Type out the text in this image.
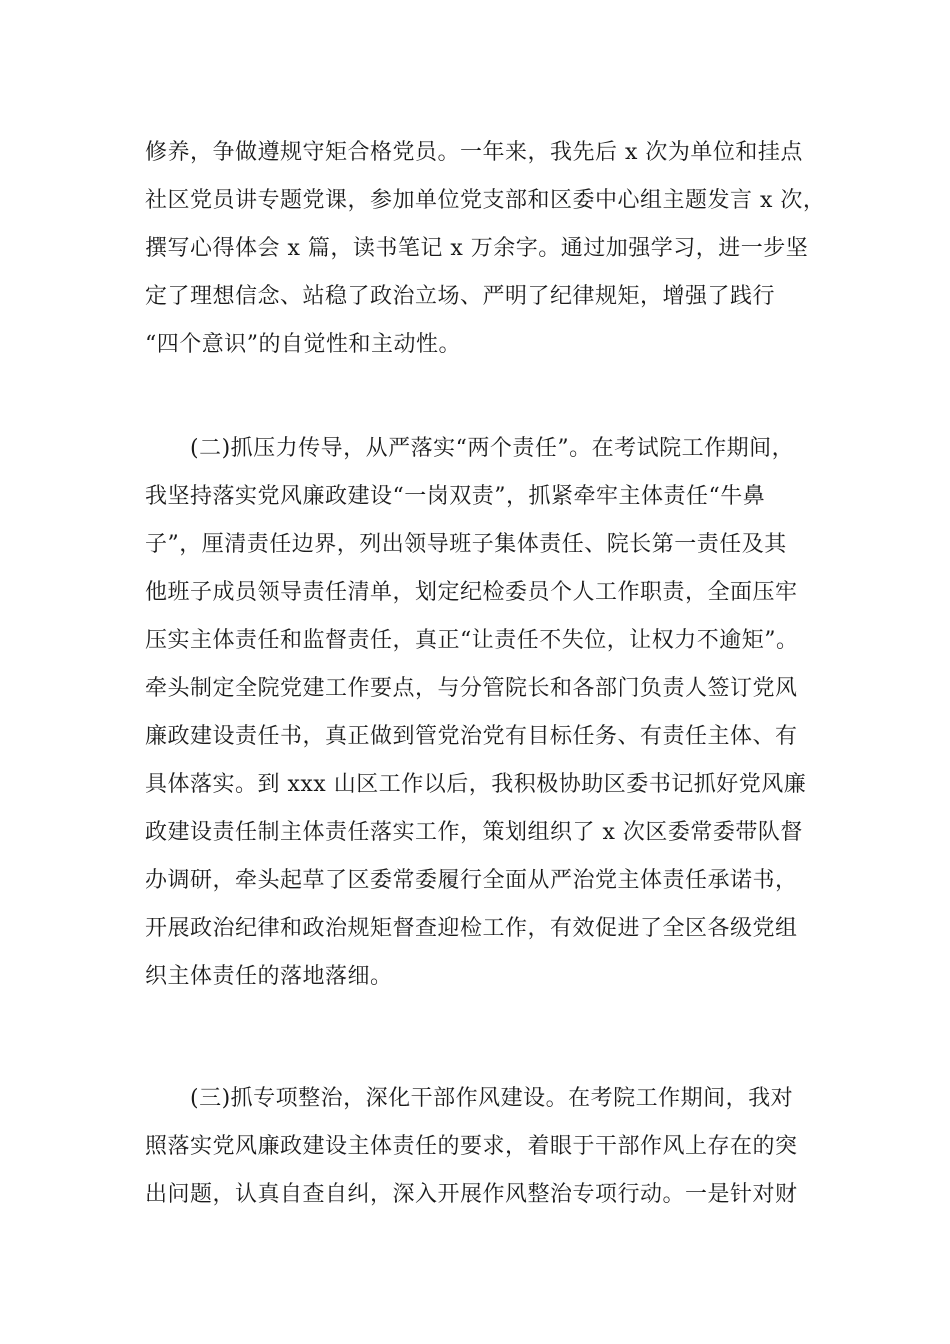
修养，争做遵规守矩合格党员。一年来，我先后 x 次为单位和挂点
社区党员讲专题党课，参加单位党支部和区委中心组主题发言 x 次，
撰写心得体会 x 篇，读书笔记 x 万余字。通过加强学习，进一步坚
定了理想信念、站稳了政治立场、严明了纪律规矩，增强了践行
“四个意识”的自觉性和主动性。
(二)抓压力传导，从严落实“两个责任”。在考试院工作期间，
我坚持落实党风廉政建设“一岗双责”，抓紧牵牢主体责任“牛鼻
子”，厘清责任边界，列出领导班子集体责任、院长第一责任及其
他班子成员领导责任清单，划定纪检委员个人工作职责，全面压牢
压实主体责任和监督责任，真正“让责任不失位，让权力不逾矩”。
牵头制定全院党建工作要点，与分管院长和各部门负责人签订党风
廉政建设责任书，真正做到管党治党有目标任务、有责任主体、有
具体落实。到 xxx 山区工作以后，我积极协助区委书记抓好党风廉
政建设责任制主体责任落实工作，策划组织了 x 次区委常委带队督
办调研，牵头起草了区委常委履行全面从严治党主体责任承诺书，
开展政治纪律和政治规矩督查迎检工作，有效促进了全区各级党组
织主体责任的落地落细。
(三)抓专项整治，深化干部作风建设。在考院工作期间，我对
照落实党风廉政建设主体责任的要求，着眼于干部作风上存在的突
出问题，认真自查自纠，深入开展作风整治专项行动。一是针对财
